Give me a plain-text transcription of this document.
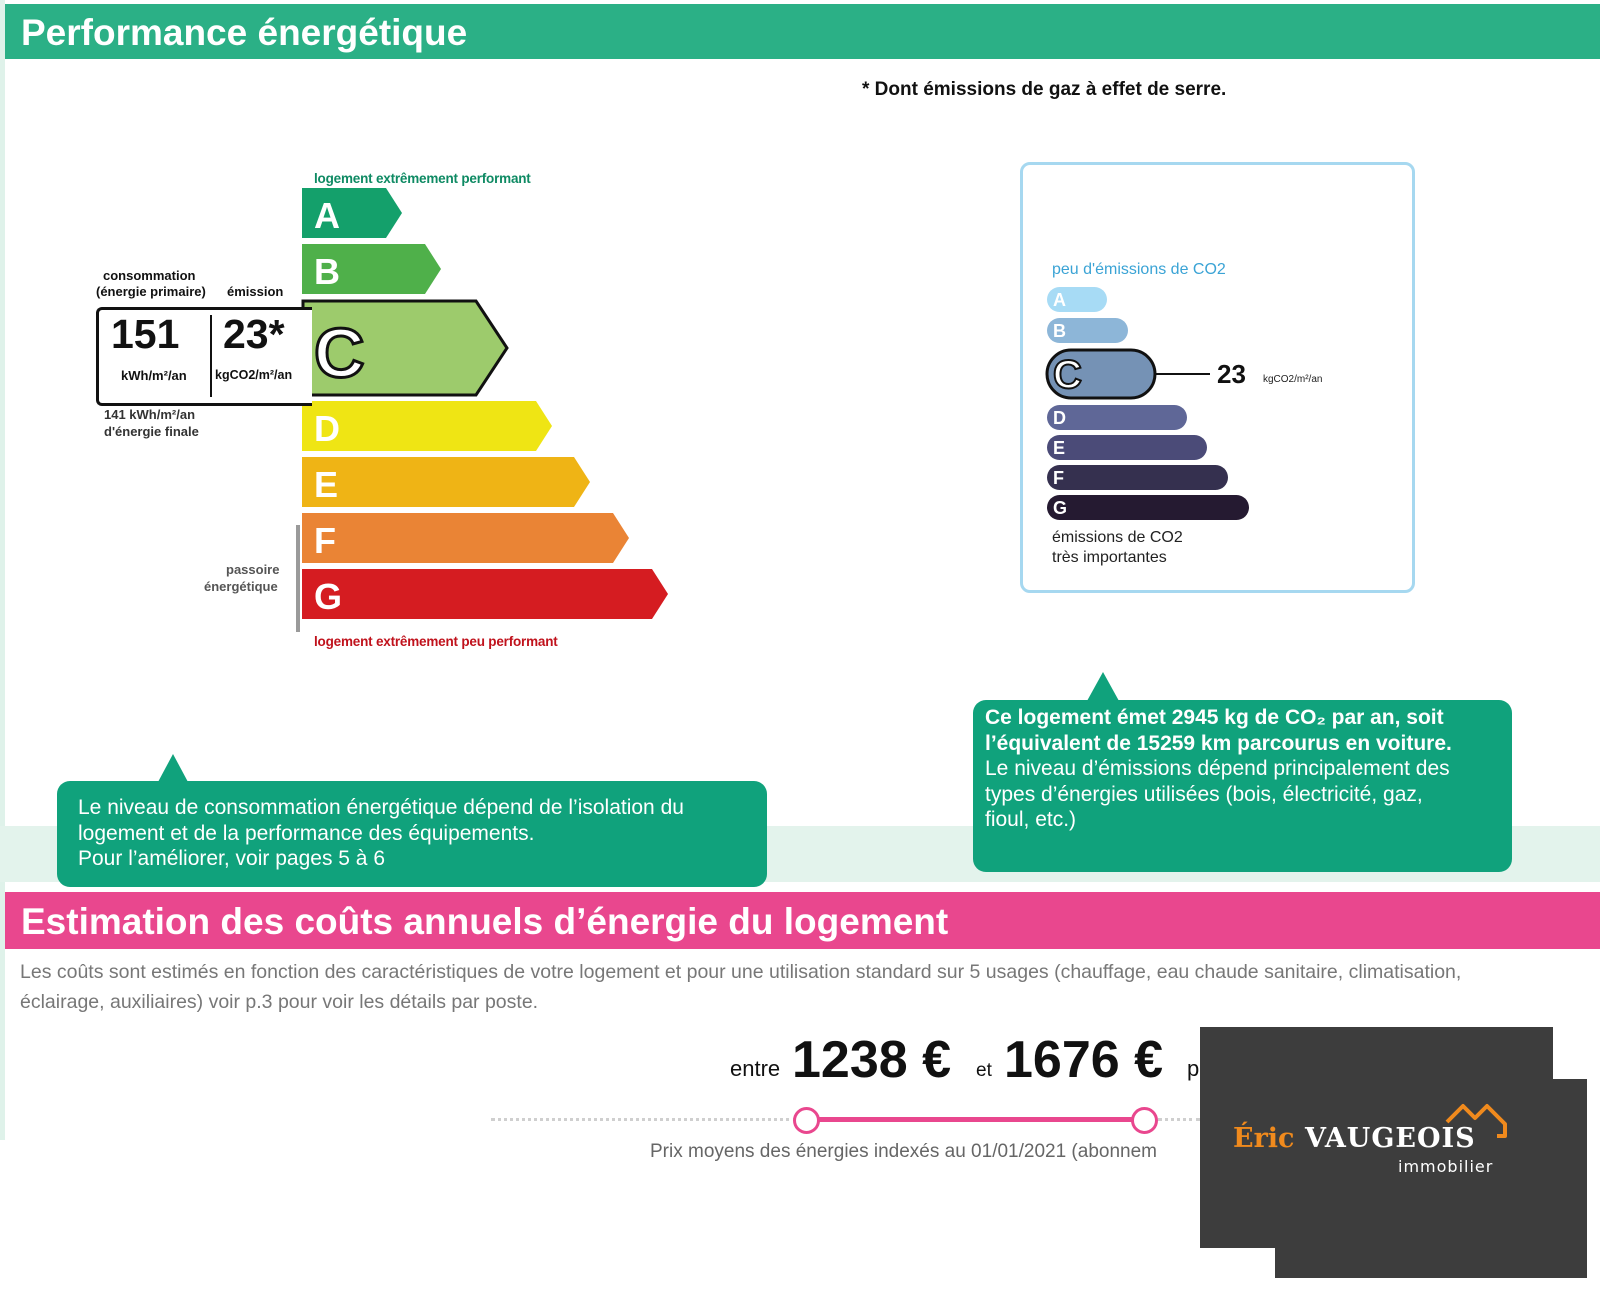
Performance énergétique
* Dont émissions de gaz à effet de serre.
logement extrêmement performant
A
B
C
D
E
F
G
consommation
(énergie primaire) émission
151 23*
kWh/m²/an kgCO2/m²/an
141 kWh/m²/an
d'énergie finale
passoire
énergétique
logement extrêmement peu performant
peu d'émissions de CO2
A
B
C	23 kgCO2/m²/an
D
E
F
G
émissions de CO2
très importantes
Le niveau de consommation énergétique dépend de l’isolation du
logement et de la performance des équipements.
Pour l’améliorer, voir pages 5 à 6
Ce logement émet 2945 kg de CO₂ par an, soit
l’équivalent de 15259 km parcourus en voiture.
Le niveau d’émissions dépend principalement des
types d’énergies utilisées (bois, électricité, gaz,
fioul, etc.)
Estimation des coûts annuels d’énergie du logement
Les coûts sont estimés en fonction des caractéristiques de votre logement et pour une utilisation standard sur 5 usages (chauffage, eau chaude sanitaire, climatisation,
éclairage, auxiliaires) voir p.3 pour voir les détails par poste.
entre 1238 € et 1676 € p
Prix moyens des énergies indexés au 01/01/2021 (abonnem	Éric VAUGEOIS
immobilier
